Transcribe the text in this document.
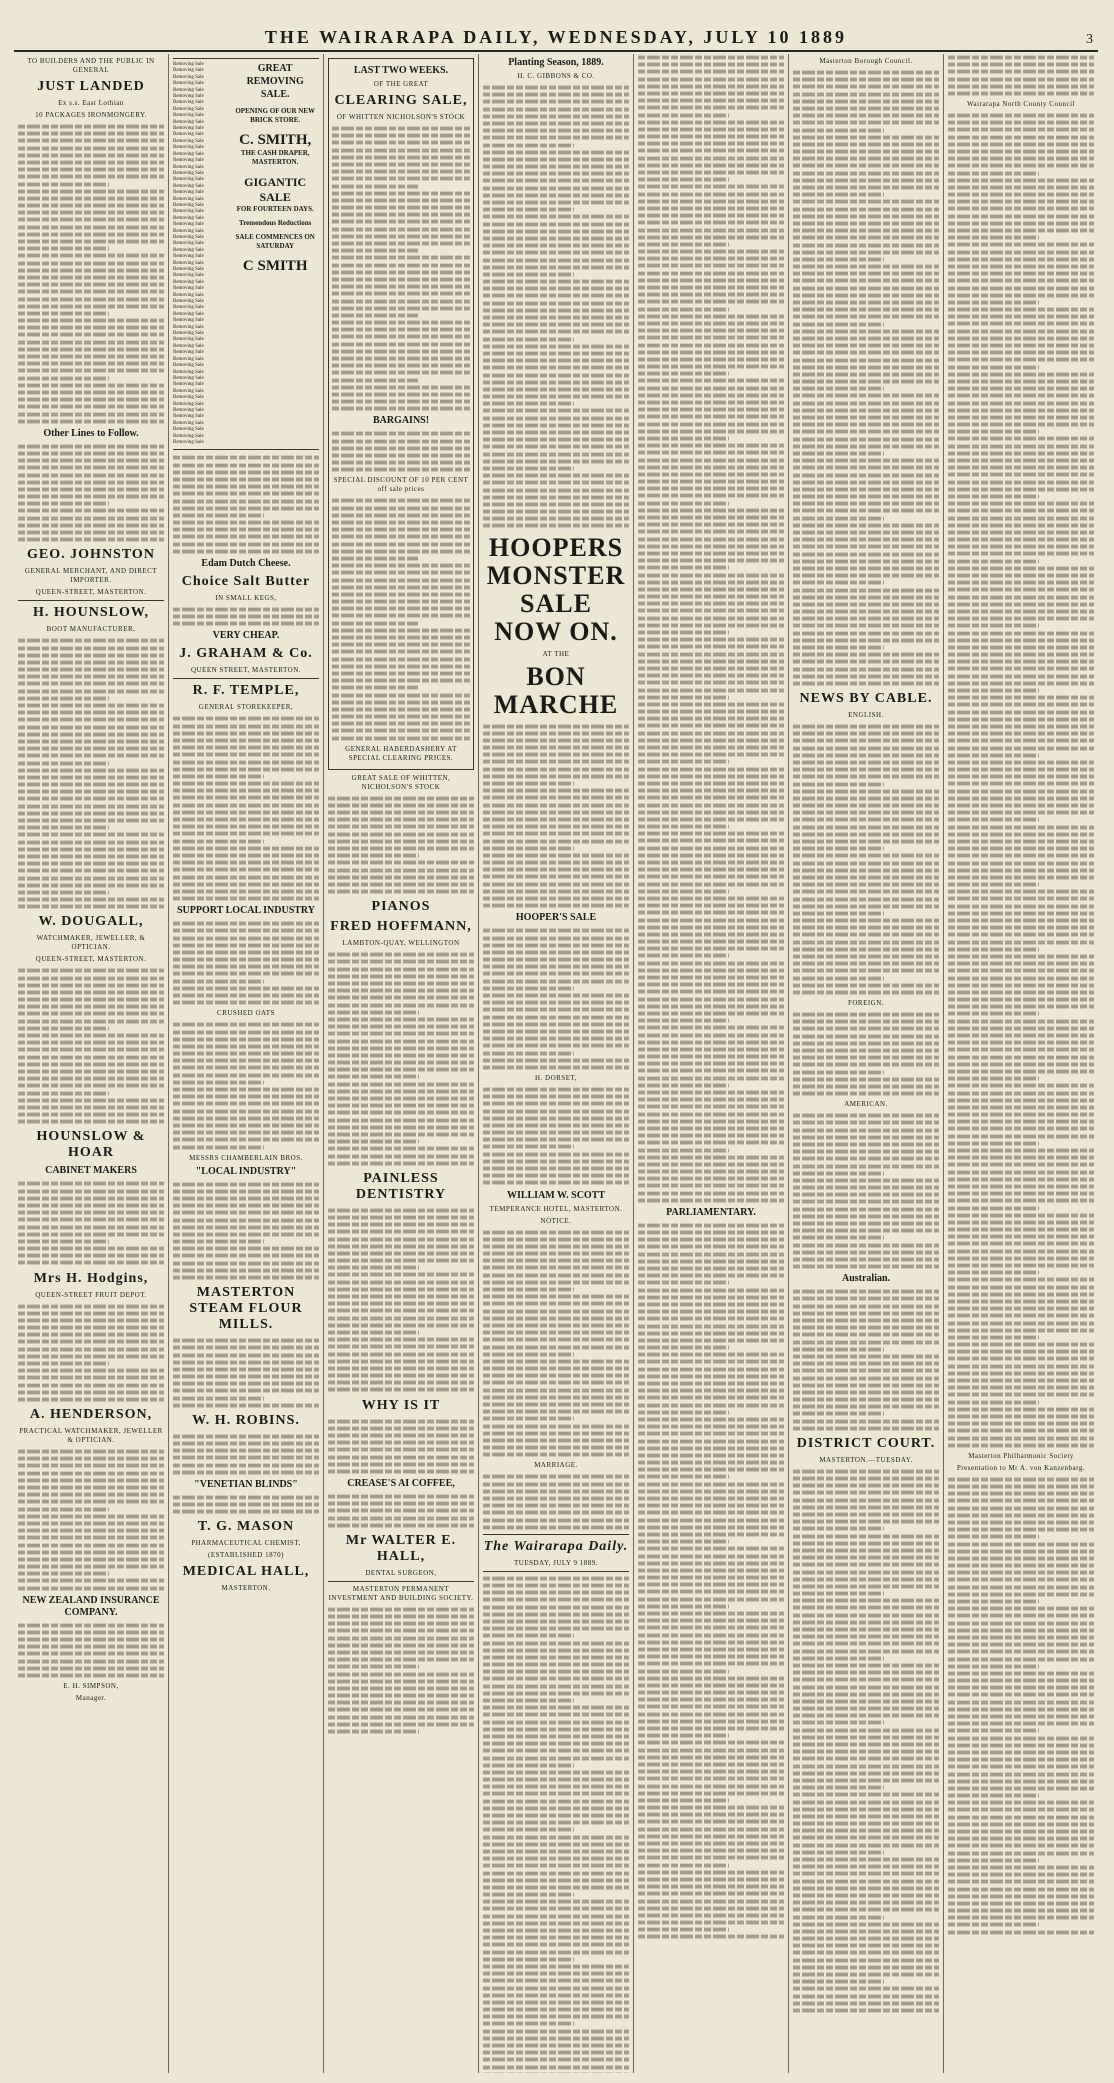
THE WAIRARAPA DAILY, WEDNESDAY, JULY 10 1889	3
TO BUILDERS AND THE PUBLIC IN GENERAL
JUST LANDED
Ex s.s. East Lothian
10 PACKAGES IRONMONGERY.
Other Lines to Follow.
GEO. JOHNSTON
GENERAL MERCHANT, AND DIRECT IMPORTER.
QUEEN-STREET, MASTERTON.
H. HOUNSLOW,
BOOT MANUFACTURER,
W. DOUGALL,
WATCHMAKER, JEWELLER, & OPTICIAN.
QUEEN-STREET, MASTERTON.
HOUNSLOW & HOAR
CABINET MAKERS
Mrs H. Hodgins,
QUEEN-STREET FRUIT DEPOT.
A. HENDERSON,
PRACTICAL WATCHMAKER, JEWELLER & OPTICIAN.
NEW ZEALAND INSURANCE COMPANY.
E. H. SIMPSON,
Manager.
Removing Sale
Removing Sale
Removing Sale
Removing Sale
Removing Sale
Removing Sale
Removing Sale
Removing Sale
Removing Sale
Removing Sale
Removing Sale
Removing Sale
Removing Sale
Removing Sale
Removing Sale
Removing Sale
Removing Sale
Removing Sale
Removing Sale
Removing Sale
Removing Sale
Removing Sale
Removing Sale
Removing Sale
Removing Sale
Removing Sale
Removing Sale
Removing Sale
Removing Sale
Removing Sale
Removing Sale
Removing Sale
Removing Sale
Removing Sale
Removing Sale
Removing Sale
Removing Sale
Removing Sale
Removing Sale
Removing Sale
Removing Sale
Removing Sale
Removing Sale
Removing Sale
Removing Sale
Removing Sale
Removing Sale
Removing Sale
Removing Sale
Removing Sale
Removing Sale
Removing Sale
Removing Sale
Removing Sale
Removing Sale
Removing Sale
Removing Sale
Removing Sale
Removing Sale
Removing Sale
GREAT REMOVING SALE.
OPENING OF OUR NEW BRICK STORE.
C. SMITH,
THE CASH DRAPER, MASTERTON.
GIGANTIC SALE
FOR FOURTEEN DAYS.
Tremendous Reductions
SALE COMMENCES ON SATURDAY
C SMITH
Edam Dutch Cheese.
Choice Salt Butter
IN SMALL KEGS,
VERY CHEAP.
J. GRAHAM & Co.
QUEEN STREET, MASTERTON.
R. F. TEMPLE,
GENERAL STOREKEEPER,
SUPPORT LOCAL INDUSTRY
CRUSHED OATS
MESSRS CHAMBERLAIN BROS.
"LOCAL INDUSTRY"
MASTERTON STEAM FLOUR MILLS.
W. H. ROBINS.
"VENETIAN BLINDS"
T. G. MASON
PHARMACEUTICAL CHEMIST,
(ESTABLISHED 1870)
MEDICAL HALL,
MASTERTON.
LAST TWO WEEKS.
OF THE GREAT
CLEARING SALE,
OF WHITTEN NICHOLSON'S STOCK
BARGAINS!
SPECIAL DISCOUNT OF 10 PER CENT off sale prices
GENERAL HABERDASHERY AT SPECIAL CLEARING PRICES.
GREAT SALE OF WHITTEN, NICHOLSON'S STOCK
PIANOS
FRED HOFFMANN,
LAMBTON-QUAY, WELLINGTON
PAINLESS DENTISTRY
WHY IS IT
CREASE'S AI COFFEE,
Mr WALTER E. HALL,
DENTAL SURGEON,
MASTERTON PERMANENT INVESTMENT AND BUILDING SOCIETY.
Planting Season, 1889.
H. C. GIBBONS & CO.
HOOPERS MONSTER SALE NOW ON.
AT THE
BON MARCHE
HOOPER'S SALE
H. DORSET,
WILLIAM W. SCOTT
TEMPERANCE HOTEL, MASTERTON.
NOTICE.
MARRIAGE.
The Wairarapa Daily.
TUESDAY, JULY 9 1889.
PARLIAMENTARY.
Masterton Borough Council.
NEWS BY CABLE.
ENGLISH.
FOREIGN.
AMERICAN.
Australian.
DISTRICT COURT.
MASTERTON.—TUESDAY.
Wairarapa North County Council
Masterton Philharmonic Society
Presentation to Mr A. von Kanzenbarg.
